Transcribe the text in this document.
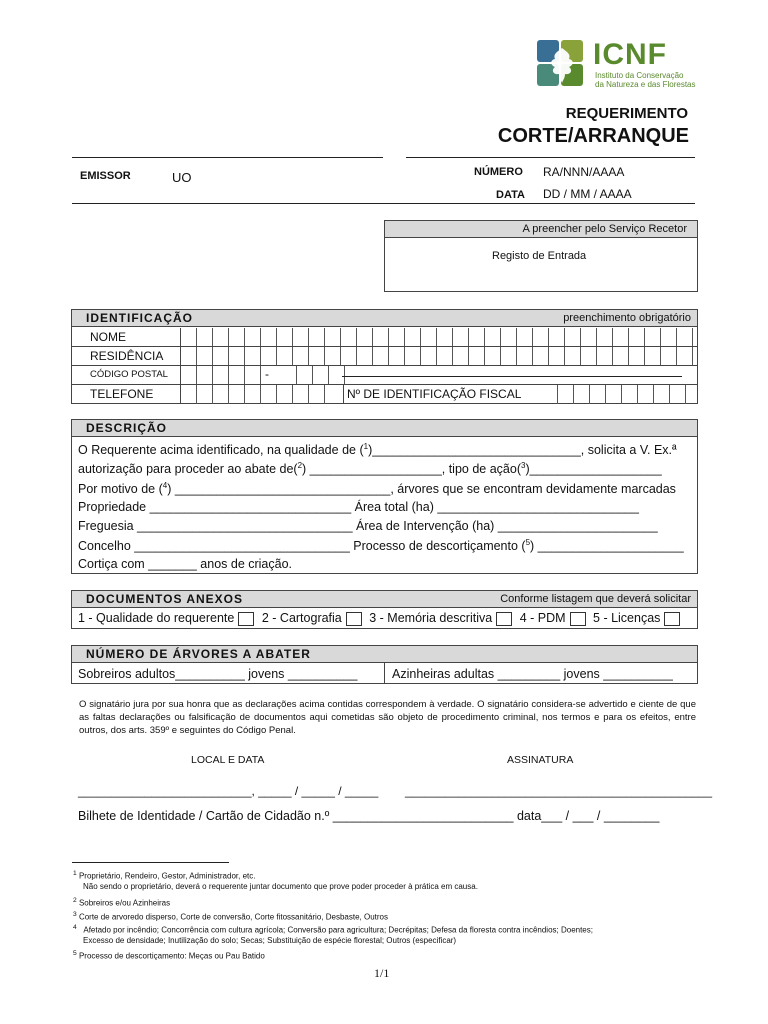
ICNF
Instituto da Conservação
da Natureza e das Florestas
REQUERIMENTO
CORTE/ARRANQUE
EMISSOR	UO	NÚMERO RA/NNN/AAAA
DATA DD / MM / AAAA
A preencher pelo Serviço Recetor
Registo de Entrada
IDENTIFICAÇÃO	preenchimento obrigatório
NOME
RESIDÊNCIA
CÓDIGO POSTAL	-
TELEFONE	Nº DE IDENTIFICAÇÃO FISCAL
DESCRIÇÃO
O Requerente acima identificado, na qualidade de ($^1$)______________________________, solicita a V. Ex.ª
autorização para proceder ao abate de($^2$) ___________________, tipo de ação($^3$)___________________
Por motivo de ($^4$) _______________________________, árvores que se encontram devidamente marcadas
Propriedade _____________________________ Área total (ha) _____________________________
Freguesia _______________________________ Área de Intervenção (ha) _______________________
Concelho _______________________________ Processo de descortiçamento ($^5$) _____________________
Cortiça com _______ anos de criação.
DOCUMENTOS ANEXOS	Conforme listagem que deverá solicitar
1 - Qualidade do requerente 2 - Cartografia 3 - Memória descritiva 4 - PDM 5 - Licenças
NÚMERO DE ÁRVORES A ABATER
Sobreiros adultos__________ jovens __________	Azinheiras adultas _________ jovens __________
O signatário jura por sua honra que as declarações acima contidas correspondem à verdade. O signatário considera-se advertido e ciente de que as faltas declarações ou falsificação de documentos aqui cometidas são objeto de procedimento criminal, nos termos e para os efeitos, entre outros, dos arts. 359º e seguintes do Código Penal.
LOCAL E DATA	ASSINATURA
__________________________, _____ / _____ / _____ ______________________________________________
Bilhete de Identidade / Cartão de Cidadão n.º __________________________ data___ / ___ / ________
$^1$ Proprietário, Rendeiro, Gestor, Administrador, etc.
Não sendo o proprietário, deverá o requerente juntar documento que prove poder proceder à prática em causa.
$^2$ Sobreiros e/ou Azinheiras
$^3$ Corte de arvoredo disperso, Corte de conversão, Corte fitossanitário, Desbaste, Outros
$^4$ Afetado por incêndio; Concorrência com cultura agrícola; Conversão para agricultura; Decrépitas; Defesa da floresta contra incêndios; Doentes;
Excesso de densidade; Inutilização do solo; Secas; Substituição de espécie florestal; Outros (especificar)
$^5$ Processo de descortiçamento: Meças ou Pau Batido
1/1
